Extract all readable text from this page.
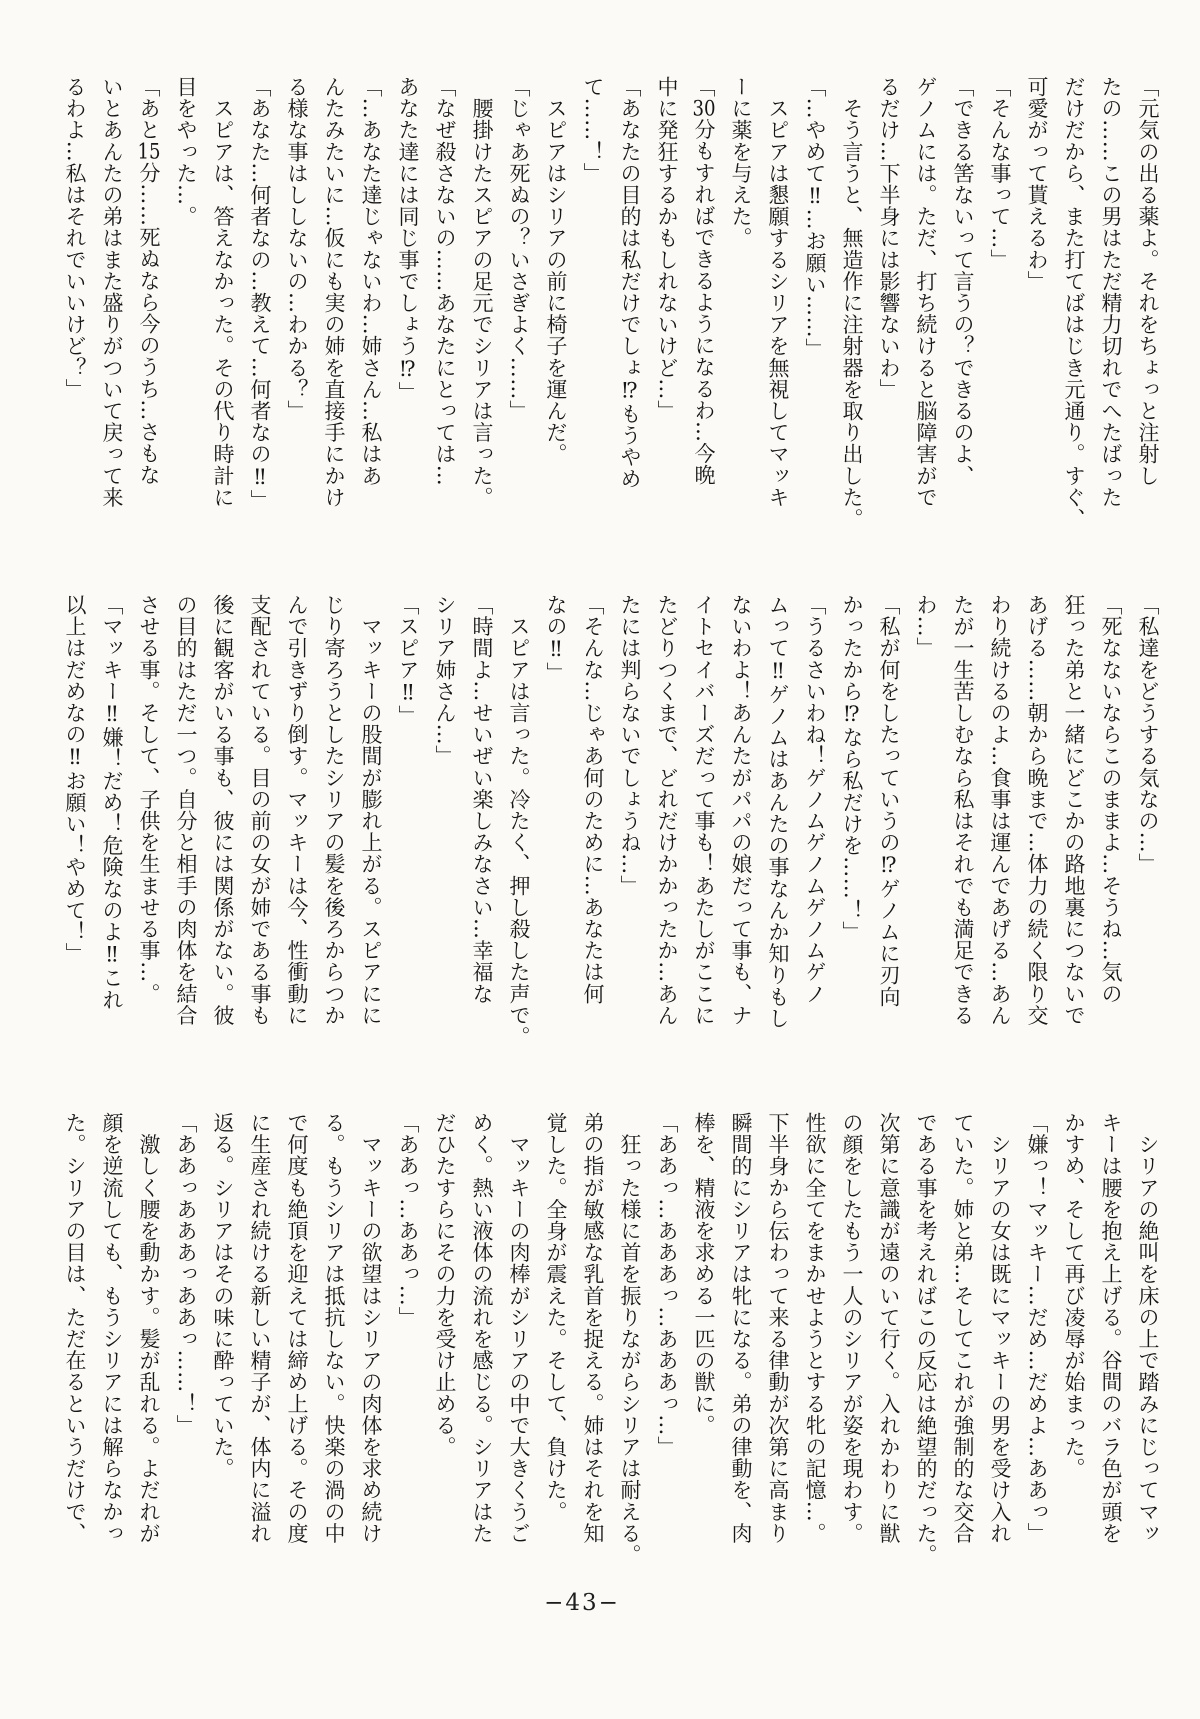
「元気の出る薬よ。それをちょっと注射し

たの……この男はただ精力切れでへたばった

だけだから、また打てばはじき元通り。すぐ、

可愛がって貰えるわ」

「そんな事って…」

「できる筈ないって言うの？できるのよ、

ゲノムには。ただ、打ち続けると脳障害がで

るだけ…下半身には影響ないわ」

　そう言うと、無造作に注射器を取り出した。

「…やめて‼…お願い……」

　スピアは懇願するシリアを無視してマッキ

ーに薬を与えた。

「30分もすればできるようになるわ…今晩

中に発狂するかもしれないけど…」

「あなたの目的は私だけでしょ⁉もうやめ

て……！」

　スピアはシリアの前に椅子を運んだ。

「じゃあ死ぬの？いさぎよく……」

　腰掛けたスピアの足元でシリアは言った。

「なぜ殺さないの……あなたにとっては…

あなた達には同じ事でしょう⁉」

「…あなた達じゃないわ…姉さん…私はあ

んたみたいに…仮にも実の姉を直接手にかけ

る様な事はししないの…わかる？」

「あなた…何者なの…教えて…何者なの‼」

　スピアは、答えなかった。その代り時計に

目をやった…。

「あと15分……死ぬなら今のうち…さもな

いとあんたの弟はまた盛りがついて戻って来

るわよ…私はそれでいいけど？」

「私達をどうする気なの…」

「死なないならこのままよ…そうね…気の

狂った弟と一緒にどこかの路地裏につないで

あげる……朝から晩まで…体力の続く限り交

わり続けるのよ…食事は運んであげる…あん

たが一生苦しむなら私はそれでも満足できる

わ…」

「私が何をしたっていうの⁉ゲノムに刃向

かったから⁉なら私だけを……！」

「うるさいわね！ゲノムゲノムゲノムゲノ

ムって‼ゲノムはあんたの事なんか知りもし

ないわよ！あんたがパパの娘だって事も、ナ

イトセイバーズだって事も！あたしがここに

たどりつくまで、どれだけかかったか…あん

たには判らないでしょうね…」

「そんな…じゃあ何のために…あなたは何

なの‼」

　スピアは言った。冷たく、押し殺した声で。

「時間よ…せいぜい楽しみなさい…幸福な

シリア姉さん…」

「スピア‼」

　マッキーの股間が膨れ上がる。スピアにに

じり寄ろうとしたシリアの髪を後ろからつか

んで引きずり倒す。マッキーは今、性衝動に

支配されている。目の前の女が姉である事も

後に観客がいる事も、彼には関係がない。彼

の目的はただ一つ。自分と相手の肉体を結合

させる事。そして、子供を生ませる事…。

「マッキー‼嫌！だめ！危険なのよ‼これ

以上はだめなの‼お願い！やめて！」

　シリアの絶叫を床の上で踏みにじってマッ

キーは腰を抱え上げる。谷間のバラ色が頭を

かすめ、そして再び凌辱が始まった。

「嫌っ！マッキー…だめ…だめよ…ああっ」

　シリアの女は既にマッキーの男を受け入れ

ていた。姉と弟…そしてこれが強制的な交合

である事を考えればこの反応は絶望的だった。

次第に意識が遠のいて行く。入れかわりに獣

の顔をしたもう一人のシリアが姿を現わす。

性欲に全てをまかせようとする牝の記憶…。

下半身から伝わって来る律動が次第に高まり

瞬間的にシリアは牝になる。弟の律動を、肉

棒を、精液を求める一匹の獣に。

「ああっ…あああっ…あああっ…」

　狂った様に首を振りながらシリアは耐える。

弟の指が敏感な乳首を捉える。姉はそれを知

覚した。全身が震えた。そして、負けた。

　マッキーの肉棒がシリアの中で大きくうご

めく。熱い液体の流れを感じる。シリアはた

だひたすらにその力を受け止める。

「ああっ…ああっ…」

　マッキーの欲望はシリアの肉体を求め続け

る。もうシリアは抵抗しない。快楽の渦の中

で何度も絶頂を迎えては締め上げる。その度

に生産され続ける新しい精子が、体内に溢れ

返る。シリアはその味に酔っていた。

「ああっあああっああっ……！」

　激しく腰を動かす。髪が乱れる。よだれが

顔を逆流しても、もうシリアには解らなかっ

た。シリアの目は、ただ在るというだけで、

−43−
